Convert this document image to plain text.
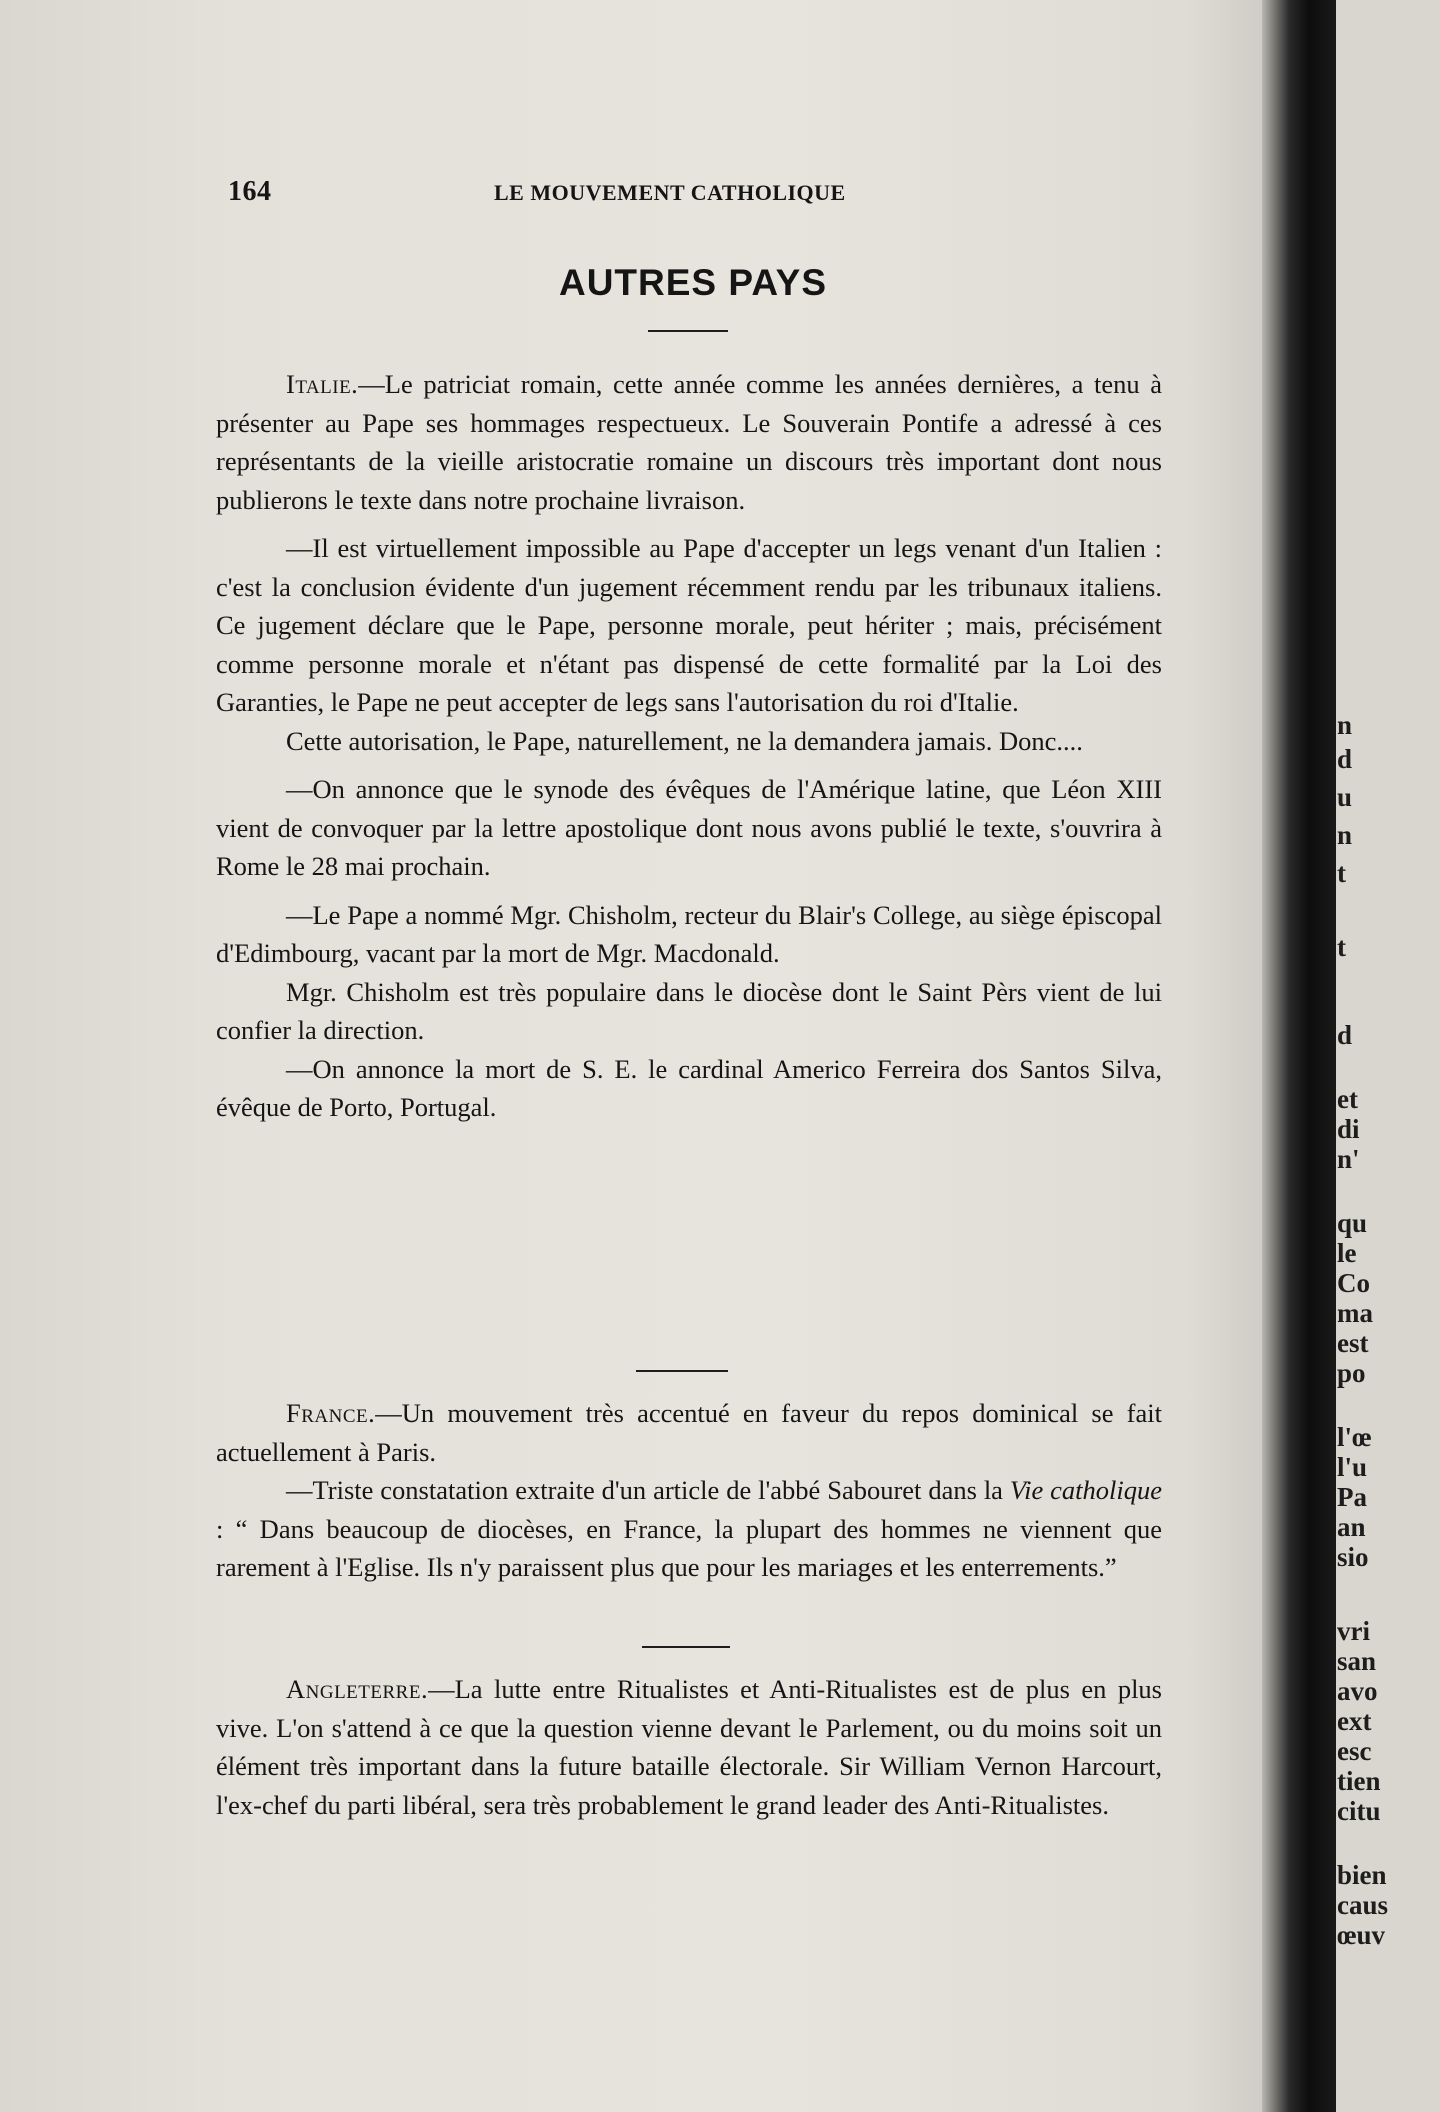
164	LE MOUVEMENT CATHOLIQUE
AUTRES PAYS

Italie.—Le patriciat romain, cette année comme les années dernières, a tenu à présenter au Pape ses hommages respectueux. Le Souverain Pontife a adressé à ces représentants de la vieille aristocratie romaine un discours très important dont nous publierons le texte dans notre prochaine livraison.

—Il est virtuellement impossible au Pape d'accepter un legs venant d'un Italien : c'est la conclusion évidente d'un jugement récemment rendu par les tribunaux italiens. Ce jugement déclare que le Pape, personne morale, peut hériter ; mais, précisément comme personne morale et n'étant pas dispensé de cette formalité par la Loi des Garanties, le Pape ne peut accepter de legs sans l'autorisation du roi d'Italie.

Cette autorisation, le Pape, naturellement, ne la demandera jamais. Donc....

—On annonce que le synode des évêques de l'Amérique latine, que Léon XIII vient de convoquer par la lettre apostolique dont nous avons publié le texte, s'ouvrira à Rome le 28 mai prochain.

—Le Pape a nommé Mgr. Chisholm, recteur du Blair's College, au siège épiscopal d'Edimbourg, vacant par la mort de Mgr. Macdonald.

Mgr. Chisholm est très populaire dans le diocèse dont le Saint Pèrs vient de lui confier la direction.

—On annonce la mort de S. E. le cardinal Americo Ferreira dos Santos Silva, évêque de Porto, Portugal.

France.—Un mouvement très accentué en faveur du repos dominical se fait actuellement à Paris.

—Triste constatation extraite d'un article de l'abbé Sabouret dans la Vie catholique : “ Dans beaucoup de diocèses, en France, la plupart des hommes ne viennent que rarement à l'Eglise. Ils n'y paraissent plus que pour les mariages et les enterrements.”

Angleterre.—La lutte entre Ritualistes et Anti-Ritualistes est de plus en plus vive. L'on s'attend à ce que la question vienne devant le Parlement, ou du moins soit un élément très important dans la future bataille électorale. Sir William Vernon Harcourt, l'ex-chef du parti libéral, sera très probablement le grand leader des Anti-Ritualistes.

n
d
u
n
t
t
d
et
di
n'
qu
le
Co
ma
est
po
l'œ
l'u
Pa
an
sio
vri
san
avo
ext
esc
tien
citu
bien
caus
œuv
